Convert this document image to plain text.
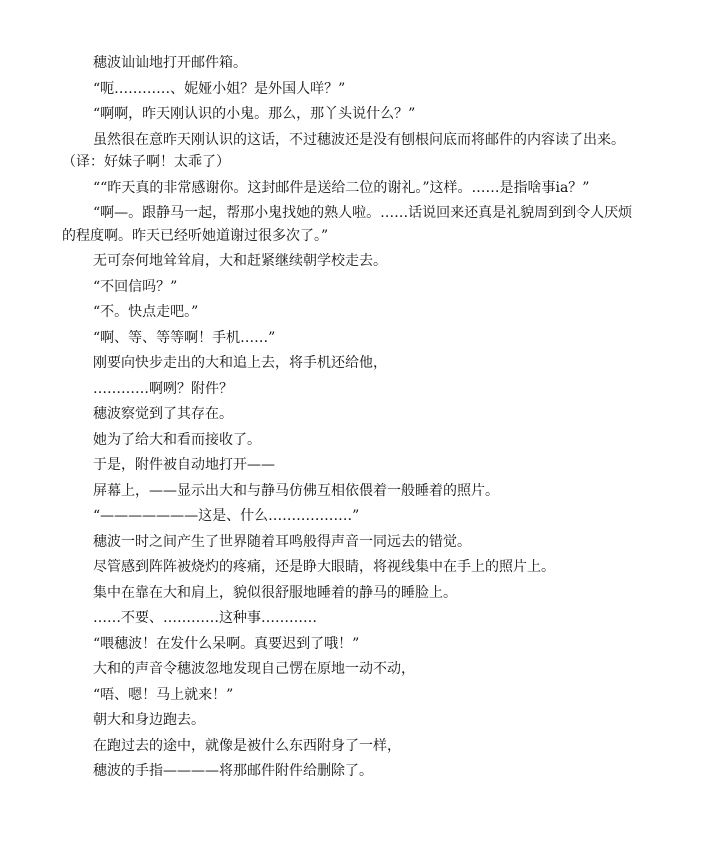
穗波讪讪地打开邮件箱。

“呃…………、妮娅小姐？是外国人咩？”

“啊啊，昨天刚认识的小鬼。那么，那丫头说什么？”

虽然很在意昨天刚认识的这话，不过穗波还是没有刨根问底而将邮件的内容读了出来。（译：好妹子啊！太乖了）

““昨天真的非常感谢你。这封邮件是送给二位的谢礼。”这样。……是指啥事ia？”

“啊—。跟静马一起，帮那小鬼找她的熟人啦。……话说回来还真是礼貌周到到令人厌烦的程度啊。昨天已经听她道谢过很多次了。”

无可奈何地耸耸肩，大和赶紧继续朝学校走去。

“不回信吗？”

“不。快点走吧。”

“啊、等、等等啊！手机……”

刚要向快步走出的大和追上去，将手机还给他，

…………啊咧？附件？

穗波察觉到了其存在。

她为了给大和看而接收了。

于是，附件被自动地打开——

屏幕上，——显示出大和与静马仿佛互相依偎着一般睡着的照片。

“———————这是、什么………………”

穗波一时之间产生了世界随着耳鸣般得声音一同远去的错觉。

尽管感到阵阵被烧灼的疼痛，还是睁大眼睛，将视线集中在手上的照片上。

集中在靠在大和肩上，貌似很舒服地睡着的静马的睡脸上。

……不要、…………这种事…………

“喂穗波！在发什么呆啊。真要迟到了哦！”

大和的声音令穗波忽地发现自己愣在原地一动不动，

“唔、嗯！马上就来！”

朝大和身边跑去。

在跑过去的途中，就像是被什么东西附身了一样，

穗波的手指————将那邮件附件给删除了。
